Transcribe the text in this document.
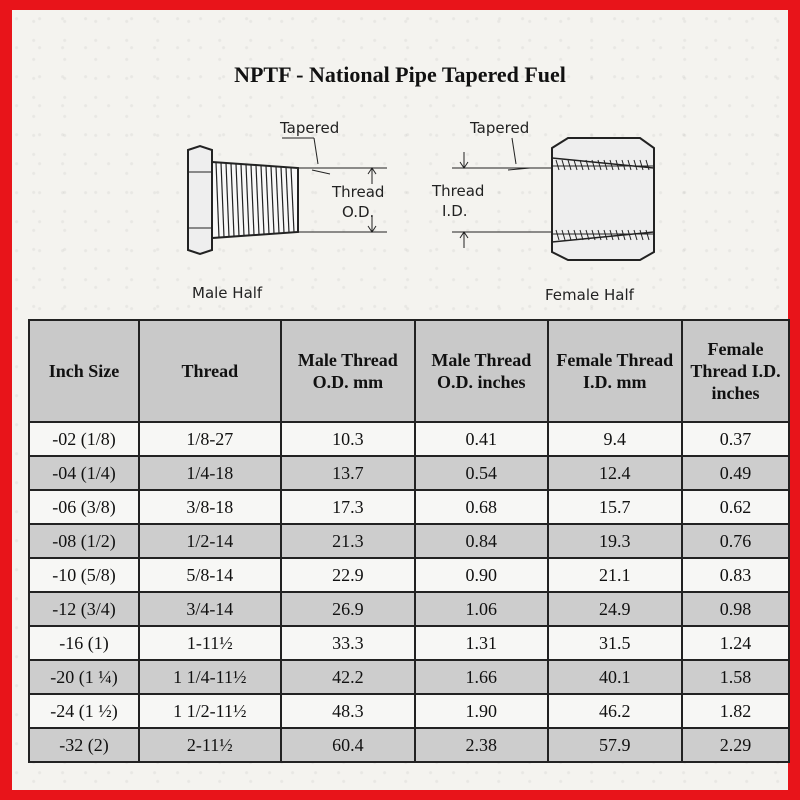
NPTF - National Pipe Tapered Fuel
Tapered
Thread
O.D.
Male Half
Tapered
Thread
I.D.
Female Half
Inch Size	Thread	Male Thread O.D. mm	Male Thread O.D. inches	Female Thread I.D. mm	Female Thread I.D. inches
-02 (1/8)	1/8-27	10.3	0.41	9.4	0.37
-04 (1/4)	1/4-18	13.7	0.54	12.4	0.49
-06 (3/8)	3/8-18	17.3	0.68	15.7	0.62
-08 (1/2)	1/2-14	21.3	0.84	19.3	0.76
-10 (5/8)	5/8-14	22.9	0.90	21.1	0.83
-12 (3/4)	3/4-14	26.9	1.06	24.9	0.98
-16 (1)	1-11½	33.3	1.31	31.5	1.24
-20 (1 ¼)	1 1/4-11½	42.2	1.66	40.1	1.58
-24 (1 ½)	1 1/2-11½	48.3	1.90	46.2	1.82
-32 (2)	2-11½	60.4	2.38	57.9	2.29
